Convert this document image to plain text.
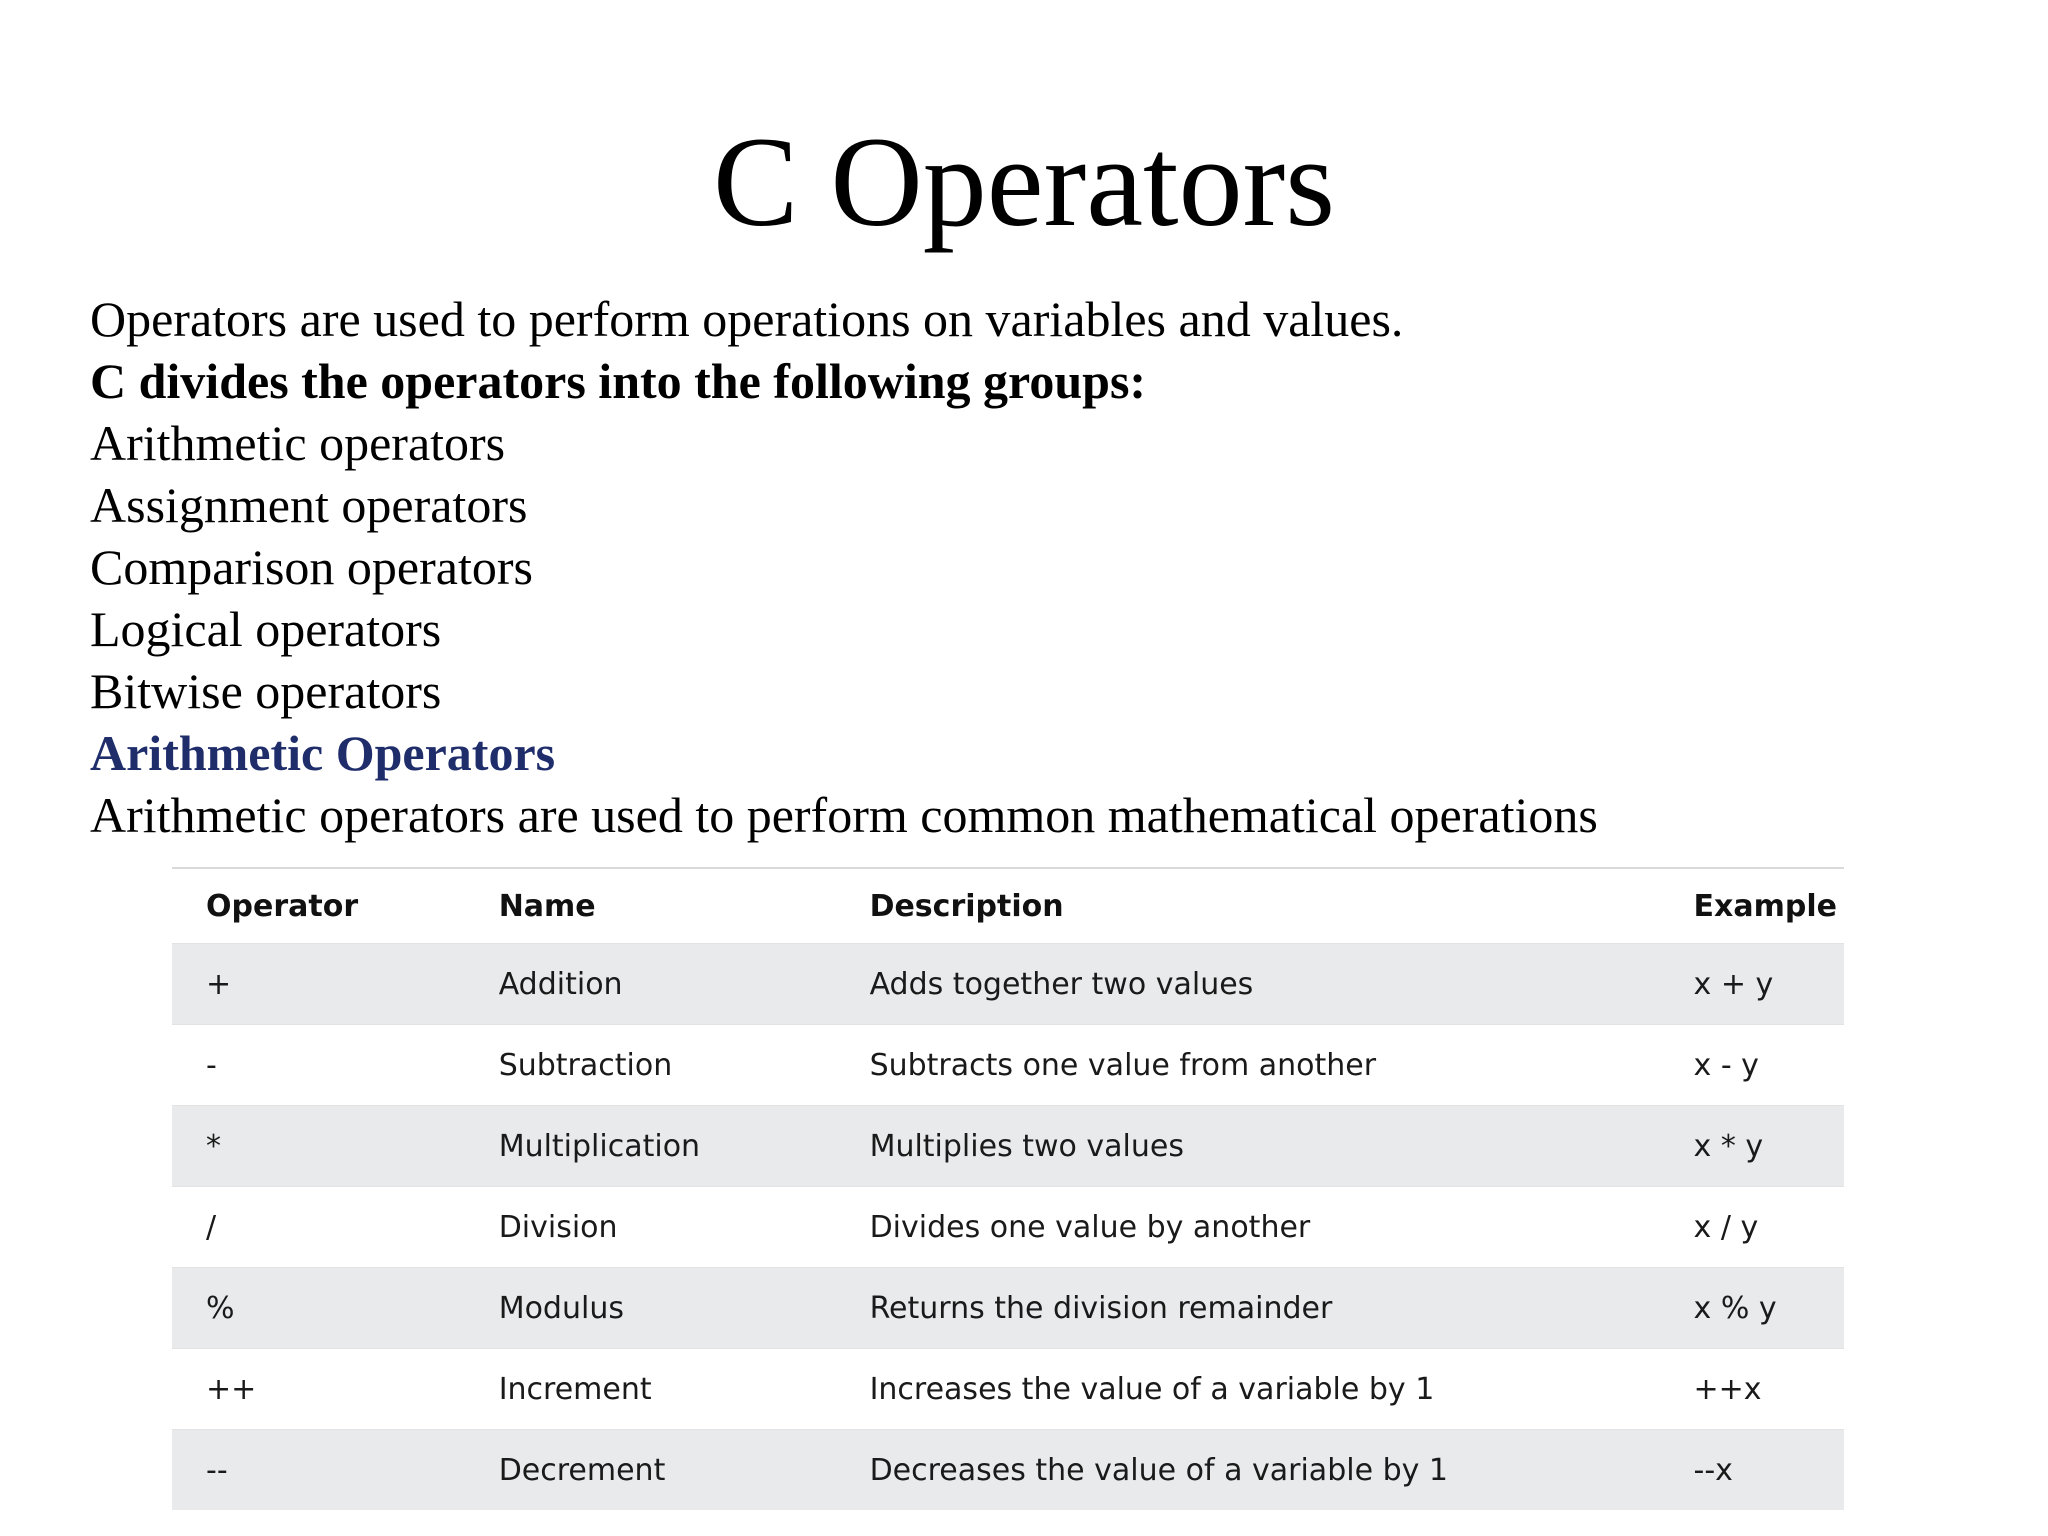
C Operators
Operators are used to perform operations on variables and values.
C divides the operators into the following groups:
Arithmetic operators
Assignment operators
Comparison operators
Logical operators
Bitwise operators
Arithmetic Operators
Arithmetic operators are used to perform common mathematical operations
Operator	Name	Description	Example
+	Addition	Adds together two values	x + y
-	Subtraction	Subtracts one value from another	x - y
*	Multiplication	Multiplies two values	x * y
/	Division	Divides one value by another	x / y
%	Modulus	Returns the division remainder	x % y
++	Increment	Increases the value of a variable by 1	++x
--	Decrement	Decreases the value of a variable by 1	--x
